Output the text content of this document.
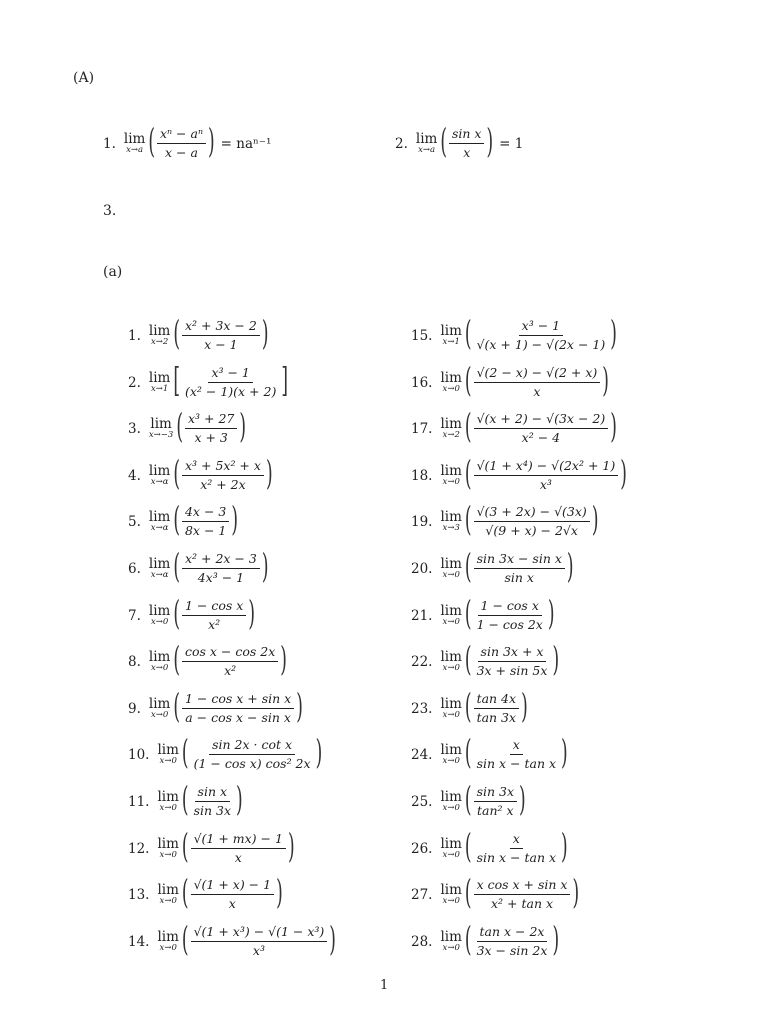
(A)
1. lim
x→a ( $\frac{\text{xⁿ − aⁿ}}{x - a}$ ) = naⁿ⁻¹	2. lim
x→a ( $\frac{\text{sin x}}{x}$ ) = 1
3.
(a)
1. lim
x→2 ( $\frac{\text{x² + 3x − 2}}{x - 1}$ )
2. lim
x→1 [ $\frac{\text{x³ − 1}}{\text{(x² − 1)(x + 2)}}$ ]
3. lim
x→−3 ( $\frac{\text{x³ + 27}}{x + 3}$ )
4. lim
x→α ( $\frac{\text{x³ + 5x² + x}}{\text{x² + 2x}}$ )
5. lim
x→α ( $\frac{4x - 3}{8x - 1}$ )
6. lim
x→α ( $\frac{\text{x² + 2x − 3}}{\text{4x³ − 1}}$ )
7. lim
x→0 ( $\frac{\text{1 − cos x}}{\text{x²}}$ )
8. lim
x→0 ( $\frac{\text{cos x − cos 2x}}{\text{x²}}$ )
9. lim
x→0 ( $\frac{\text{1 − cos x + sin x}}{\text{a − cos x − sin x}}$ )
10. lim
x→0 ( $\frac{\text{sin 2x · cot x}}{\text{(1 − cos x) cos² 2x}}$ )
11. lim
x→0 ( $\frac{\text{sin x}}{\sin 3x}$ )
12. lim
x→0 ( $\frac{√(1 + mx) - 1}{x}$ )
13. lim
x→0 ( $\frac{√(1 + x) - 1}{x}$ )
14. lim
x→0 ( $\frac{\text{√(1 + x³) − √(1 − x³)}}{\text{x³}}$ )
15. lim
x→1 ( $\frac{\text{x³ − 1}}{√(x + 1) - √(2x - 1)}$ )
16. lim
x→0 ( $\frac{√(2 - x) - √(2 + x)}{x}$ )
17. lim
x→2 ( $\frac{√(x + 2) - √(3x - 2)}{\text{x² − 4}}$ )
18. lim
x→0 ( $\frac{\text{√(1 + x⁴) − √(2x² + 1)}}{\text{x³}}$ )
19. lim
x→3 ( $\frac{√(3 + 2x) - √(3x)}{√(9 + x) - 2√x}$ )
20. lim
x→0 ( $\frac{\text{sin 3x − sin x}}{\text{sin x}}$ )
21. lim
x→0 ( $\frac{\text{1 − cos x}}{1 - \cos 2x}$ )
22. lim
x→0 ( $\frac{\sin 3x + x}{3x + \sin 5x}$ )
23. lim
x→0 ( $\frac{\tan 4x}{\tan 3x}$ )
24. lim
x→0 ( $\frac{x}{\text{sin x − tan x}}$ )
25. lim
x→0 ( $\frac{\sin 3x}{\text{tan² x}}$ )
26. lim
x→0 ( $\frac{x}{\text{sin x − tan x}}$ )
27. lim
x→0 ( $\frac{\text{x cos x + sin x}}{\text{x² + tan x}}$ )
28. lim
x→0 ( $\frac{\text{tan x − 2x}}{3x - \sin 2x}$ )
1
